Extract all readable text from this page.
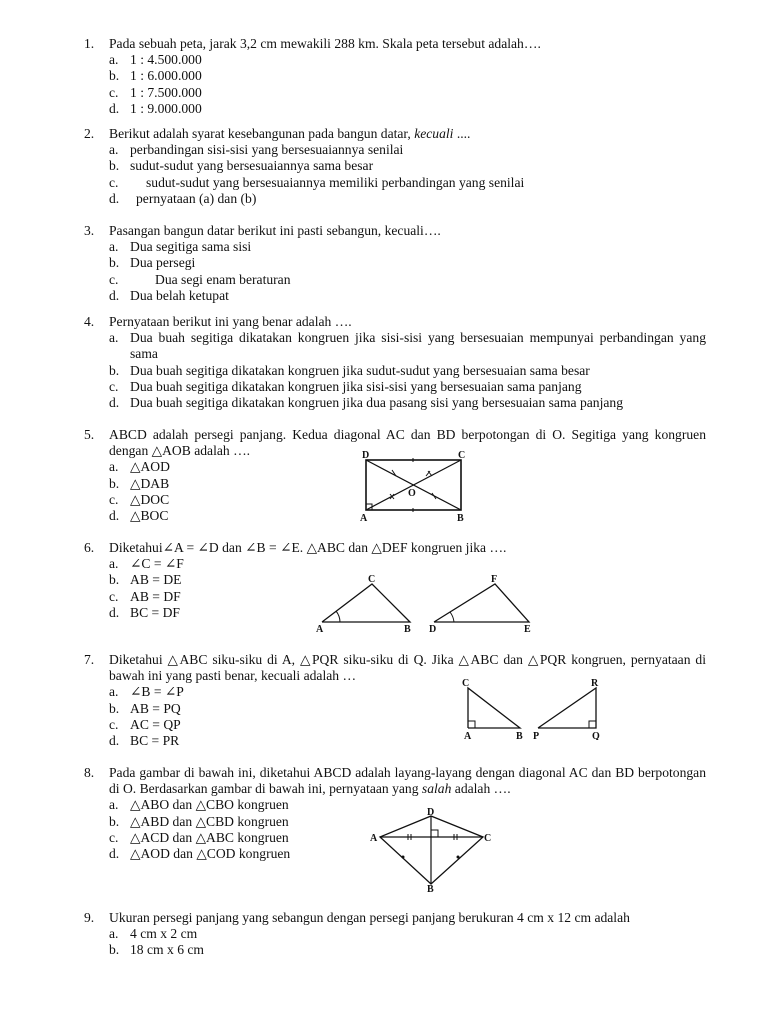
1. Pada sebuah peta, jarak 3,2 cm mewakili 288 km. Skala peta tersebut adalah….
a. 1 : 4.500.000
b. 1 : 6.000.000
c. 1 : 7.500.000
d. 1 : 9.000.000
2. Berikut adalah syarat kesebangunan pada bangun datar, kecuali ....
a. perbandingan sisi-sisi yang bersesuaiannya senilai
b. sudut-sudut yang bersesuaiannya sama besar
c. sudut-sudut yang bersesuaiannya memiliki perbandingan yang senilai
d. pernyataan (a) dan (b)
3. Pasangan bangun datar berikut ini pasti sebangun, kecuali….
a. Dua segitiga sama sisi
b. Dua persegi
c.	Dua segi enam beraturan
d. Dua belah ketupat
4. Pernyataan berikut ini yang benar adalah ….
a. Dua buah segitiga dikatakan kongruen jika sisi-sisi yang bersesuaian mempunyai perbandingan yang sama
b. Dua buah segitiga dikatakan kongruen jika sudut-sudut yang bersesuaian sama besar
c. Dua buah segitiga dikatakan kongruen jika sisi-sisi yang bersesuaian sama panjang
d. Dua buah segitiga dikatakan kongruen jika dua pasang sisi yang bersesuaian sama panjang
5. ABCD adalah persegi panjang. Kedua diagonal AC dan BD berpotongan di O. Segitiga yang kongruen dengan △AOB adalah ….
a. △AOD
b. △DAB
c. △DOC
d. △BOC
D	C
A	B
O
6. Diketahui∠A = ∠D dan ∠B = ∠E. △ABC dan △DEF kongruen jika ….
a. ∠C = ∠F
b. AB = DE
c. AB = DF
d. BC = DF
A	B
C
D	E
F
7. Diketahui △ABC siku-siku di A, △PQR siku-siku di Q. Jika △ABC dan △PQR kongruen, pernyataan di bawah ini yang pasti benar, kecuali adalah …
a. ∠B = ∠P
b. AB = PQ
c. AC = QP
d. BC = PR
C
A	B P	Q
R
8. Pada gambar di bawah ini, diketahui ABCD adalah layang-layang dengan diagonal AC dan BD berpotongan di O. Berdasarkan gambar di bawah ini, pernyataan yang salah adalah ….
a. △ABO dan △CBO kongruen
b. △ABD dan △CBD kongruen
c. △ACD dan △ABC kongruen
d. △AOD dan △COD kongruen
D
A	C
B
9. Ukuran persegi panjang yang sebangun dengan persegi panjang berukuran 4 cm x 12 cm adalah
a. 4 cm x 2 cm
b. 18 cm x 6 cm
